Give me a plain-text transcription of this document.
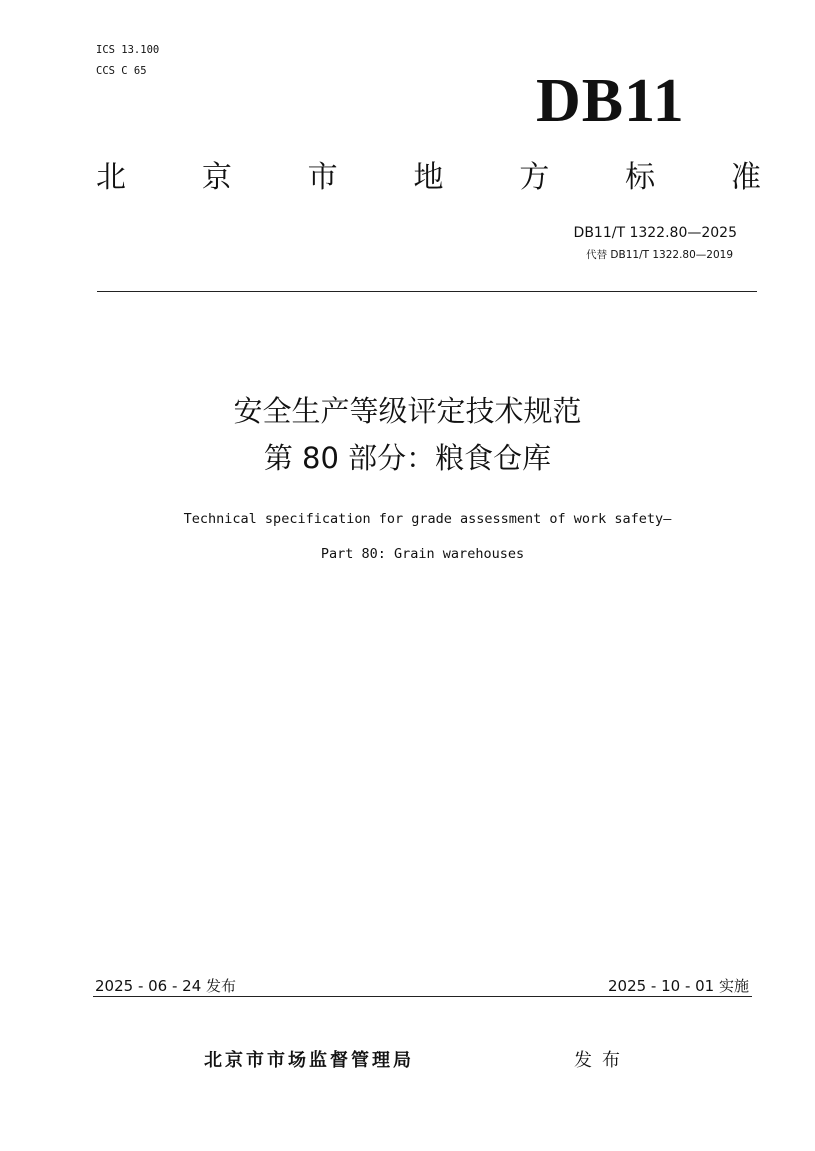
ICS 13.100
CCS C 65	DB11
北	京	市	地	方	标	准
DB11/T 1322.80—2025
代替 DB11/T 1322.80—2019
安全生产等级评定技术规范
第 80 部分：粮食仓库
Technical specification for grade assessment of work safety—
Part 80: Grain warehouses
2025 - 06 - 24 发布	2025 - 10 - 01 实施
北京市市场监督管理局	发布
